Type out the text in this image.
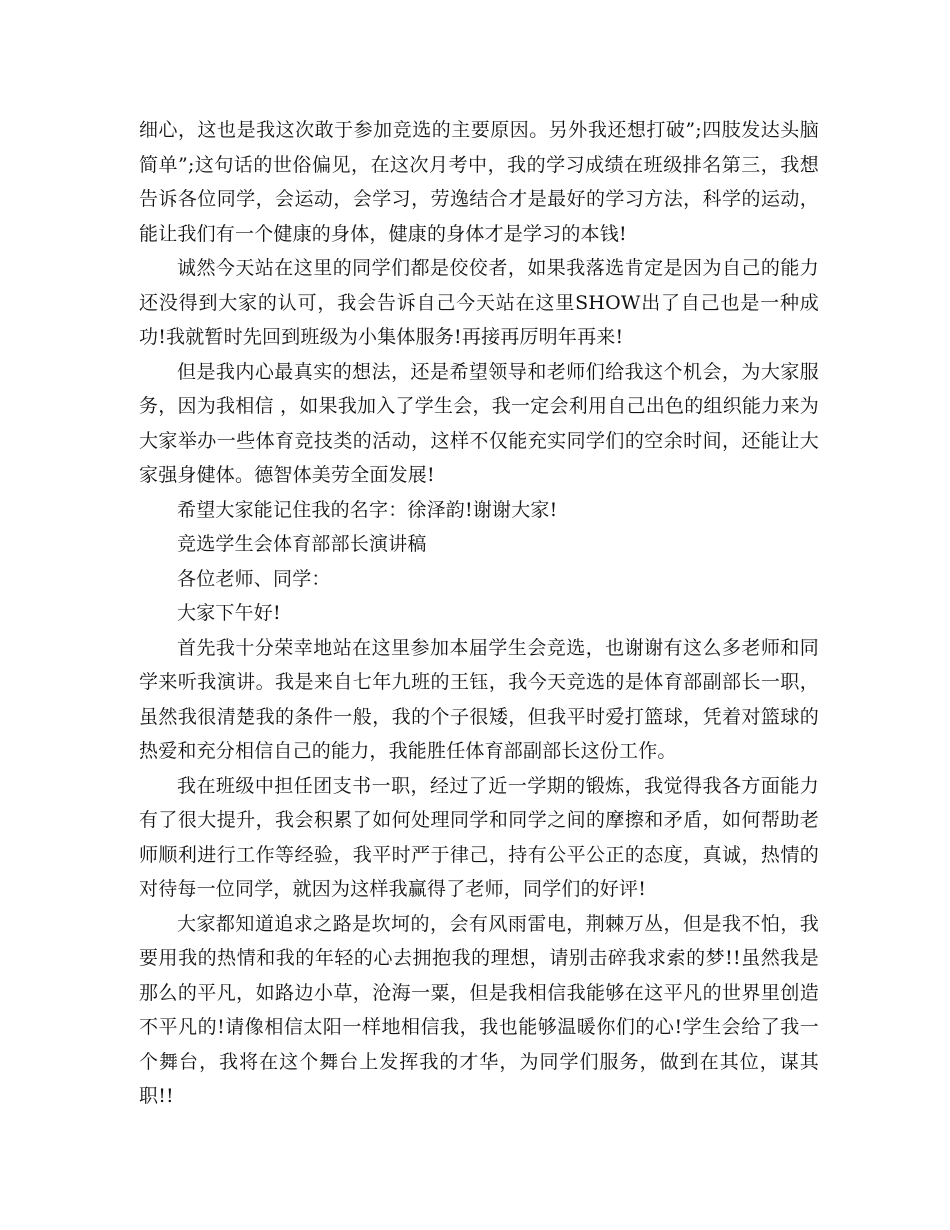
细心，这也是我这次敢于参加竞选的主要原因。另外我还想打破”;四肢发达头脑简单”;这句话的世俗偏见，在这次月考中，我的学习成绩在班级排名第三，我想告诉各位同学，会运动，会学习，劳逸结合才是最好的学习方法，科学的运动，能让我们有一个健康的身体，健康的身体才是学习的本钱!

诚然今天站在这里的同学们都是佼佼者，如果我落选肯定是因为自己的能力还没得到大家的认可，我会告诉自己今天站在这里SHOW出了自己也是一种成功!我就暂时先回到班级为小集体服务!再接再厉明年再来!

但是我内心最真实的想法，还是希望领导和老师们给我这个机会，为大家服务，因为我相信 ，如果我加入了学生会，我一定会利用自己出色的组织能力来为大家举办一些体育竞技类的活动，这样不仅能充实同学们的空余时间，还能让大家强身健体。德智体美劳全面发展!

希望大家能记住我的名字：徐泽韵!谢谢大家!

竞选学生会体育部部长演讲稿

各位老师、同学：

大家下午好!

首先我十分荣幸地站在这里参加本届学生会竞选，也谢谢有这么多老师和同学来听我演讲。我是来自七年九班的王钰，我今天竞选的是体育部副部长一职，虽然我很清楚我的条件一般，我的个子很矮，但我平时爱打篮球，凭着对篮球的热爱和充分相信自己的能力，我能胜任体育部副部长这份工作。

我在班级中担任团支书一职，经过了近一学期的锻炼，我觉得我各方面能力有了很大提升，我会积累了如何处理同学和同学之间的摩擦和矛盾，如何帮助老师顺利进行工作等经验，我平时严于律己，持有公平公正的态度，真诚，热情的对待每一位同学，就因为这样我赢得了老师，同学们的好评!

大家都知道追求之路是坎坷的，会有风雨雷电，荆棘万丛，但是我不怕，我要用我的热情和我的年轻的心去拥抱我的理想，请别击碎我求索的梦!!虽然我是那么的平凡，如路边小草，沧海一粟，但是我相信我能够在这平凡的世界里创造不平凡的!请像相信太阳一样地相信我，我也能够温暖你们的心!学生会给了我一个舞台，我将在这个舞台上发挥我的才华，为同学们服务，做到在其位，谋其职!!
